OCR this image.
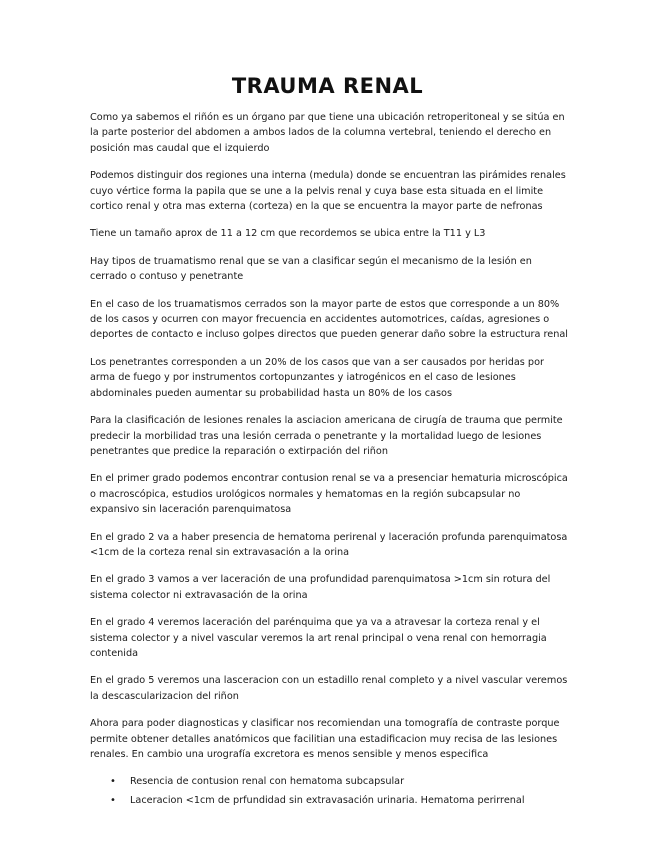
TRAUMA RENAL

Como ya sabemos el riñón es un órgano par que tiene una ubicación retroperitoneal y se sitúa en la parte posterior del abdomen a ambos lados de la columna vertebral, teniendo el derecho en posición mas caudal que el izquierdo

Podemos distinguir dos regiones una interna (medula) donde se encuentran las pirámides renales cuyo vértice forma la papila que se une a la pelvis renal y cuya base esta situada en el limite cortico renal y otra mas externa (corteza) en la que se encuentra la mayor parte de nefronas

Tiene un tamaño aprox de 11 a 12 cm que recordemos se ubica entre la T11 y L3

Hay tipos de truamatismo renal que se van a clasificar según el mecanismo de la lesión en cerrado o contuso y penetrante

En el caso de los truamatismos cerrados son la mayor parte de estos que corresponde a un 80% de los casos y ocurren con mayor frecuencia en accidentes automotrices, caídas, agresiones o deportes de contacto e incluso golpes directos que pueden generar daño sobre la estructura renal

Los penetrantes corresponden a un 20% de los casos que van a ser causados por heridas por arma de fuego y por instrumentos cortopunzantes y iatrogénicos en el caso de lesiones abdominales pueden aumentar su probabilidad hasta un 80% de los casos

Para la clasificación de lesiones renales la asciacion americana de cirugía de trauma que permite predecir la morbilidad tras una lesión cerrada o penetrante y la mortalidad luego de lesiones penetrantes que predice la reparación o extirpación del riñon

En el primer grado podemos encontrar contusion renal se va a presenciar hematuria microscópica o macroscópica, estudios urológicos normales y hematomas en la región subcapsular no expansivo sin laceración parenquimatosa

En el grado 2 va a haber presencia de hematoma perirenal y laceración profunda parenquimatosa <1cm de la corteza renal sin extravasación a la orina

En el grado 3 vamos a ver laceración de una profundidad parenquimatosa >1cm sin rotura del sistema colector ni extravasación de la orina

En el grado 4 veremos laceración del parénquima que ya va a atravesar la corteza renal y el sistema colector y a nivel vascular veremos la art renal principal o vena renal con hemorragia contenida

En el grado 5 veremos una lasceracion con un estadillo renal completo y a nivel vascular veremos la descascularizacion del riñon

Ahora para poder diagnosticas y clasificar nos recomiendan una tomografía de contraste porque permite obtener detalles anatómicos que facilitian una estadificacion muy recisa de las lesiones renales. En cambio una urografía excretora es menos sensible y menos especifica

• Resencia de contusion renal con hematoma subcapsular
• Laceracion <1cm de prfundidad sin extravasación urinaria. Hematoma perirrenal
